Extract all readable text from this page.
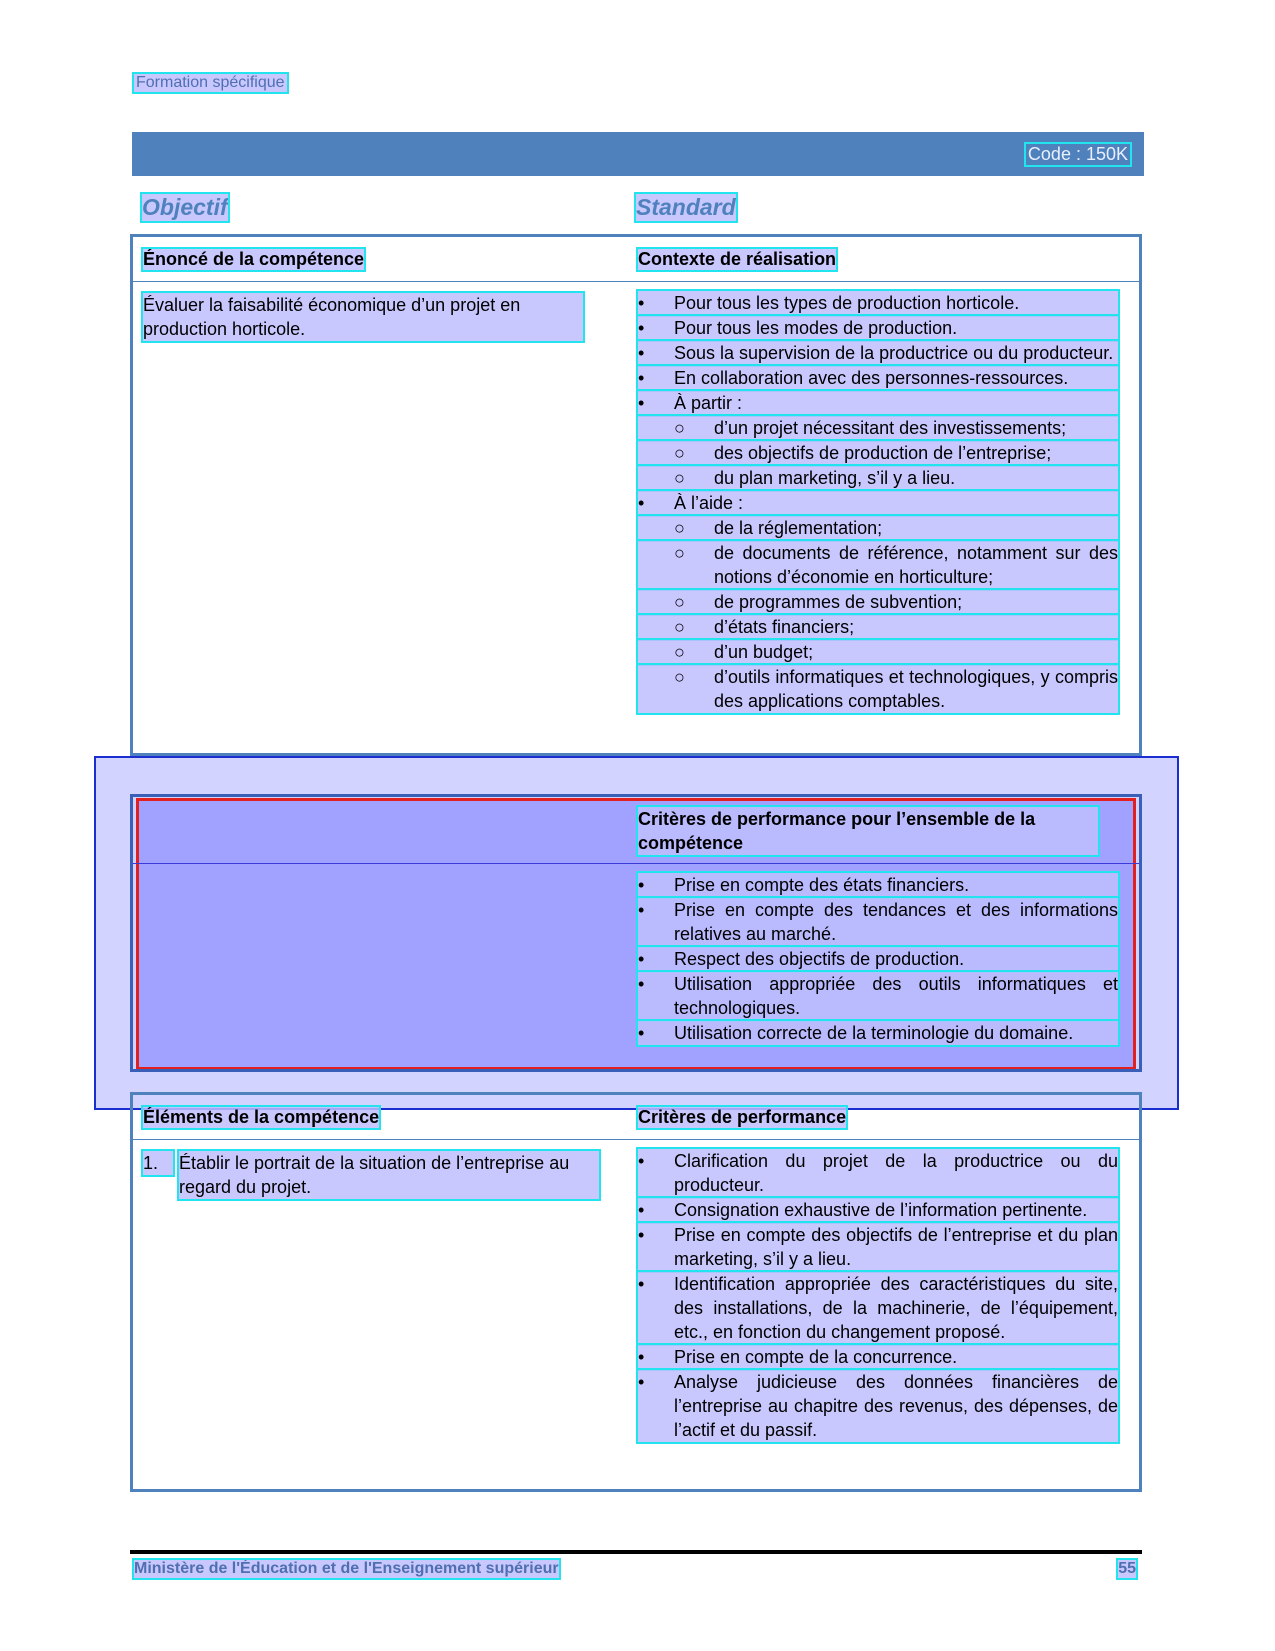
Formation spécifique
Code : 150K
Objectif	Standard
Énoncé de la compétence	Contexte de réalisation
Évaluer la faisabilité économique d’un projet en production horticole.
•	Pour tous les types de production horticole.
•	Pour tous les modes de production.
•	Sous la supervision de la productrice ou du producteur.
•	En collaboration avec des personnes-ressources.
•	À partir :
○	d’un projet nécessitant des investissements;
○	des objectifs de production de l’entreprise;
○	du plan marketing, s’il y a lieu.
•	À l’aide :
○	de la réglementation;
○	de documents de référence, notamment sur des notions d’économie en horticulture;
○	de programmes de subvention;
○	d’états financiers;
○	d’un budget;
○	d’outils informatiques et technologiques, y compris des applications comptables.
Critères de performance pour l’ensemble de la compétence
•	Prise en compte des états financiers.
•	Prise en compte des tendances et des informations relatives au marché.
•	Respect des objectifs de production.
•	Utilisation appropriée des outils informatiques et technologiques.
•	Utilisation correcte de la terminologie du domaine.
Éléments de la compétence	Critères de performance
1.	Établir le portrait de la situation de l’entreprise au regard du projet.
•	Clarification du projet de la productrice ou du producteur.
•	Consignation exhaustive de l’information pertinente.
•	Prise en compte des objectifs de l’entreprise et du plan marketing, s’il y a lieu.
•	Identification appropriée des caractéristiques du site, des installations, de la machinerie, de l’équipement, etc., en fonction du changement proposé.
•	Prise en compte de la concurrence.
•	Analyse judicieuse des données financières de l’entreprise au chapitre des revenus, des dépenses, de l’actif et du passif.
Ministère de l'Éducation et de l'Enseignement supérieur	55
